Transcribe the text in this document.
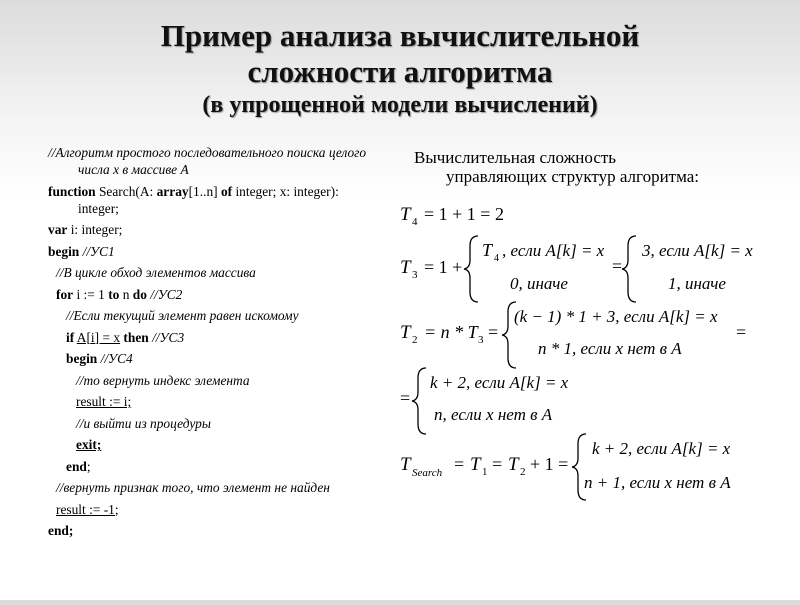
Пример анализа вычислительной
сложности алгоритма
(в упрощенной модели вычислений)
//Алгоритм простого последовательного поиска целого числа x в массиве A
function Search(A: array[1..n] of integer; x: integer): integer;
var i: integer;
begin //УС1
//В цикле обход элементов массива
for i := 1 to n do //УС2
//Если текущий элемент равен искомому
if A[i] = x then //УС3
begin //УС4
//то вернуть индекс элемента
result := i;
//и выйти из процедуры
exit;
end;
//вернуть признак того, что элемент не найден
result := -1;
end;
Вычислительная сложность
управляющих структур алгоритма:
T 4 = 1 + 1 = 2
T 3 = 1 +
T 4 , если A[k] = x
0, иначе
=
3, если A[k] = x
1, иначе
T 2 = n * T 3 =
(k − 1) * 1 + 3, если A[k] = x
n * 1, если x нет в A
=
=
k + 2, если A[k] = x
n, если x нет в A
T Search = T 1 = T 2 + 1 =
k + 2, если A[k] = x
n + 1, если x нет в A
